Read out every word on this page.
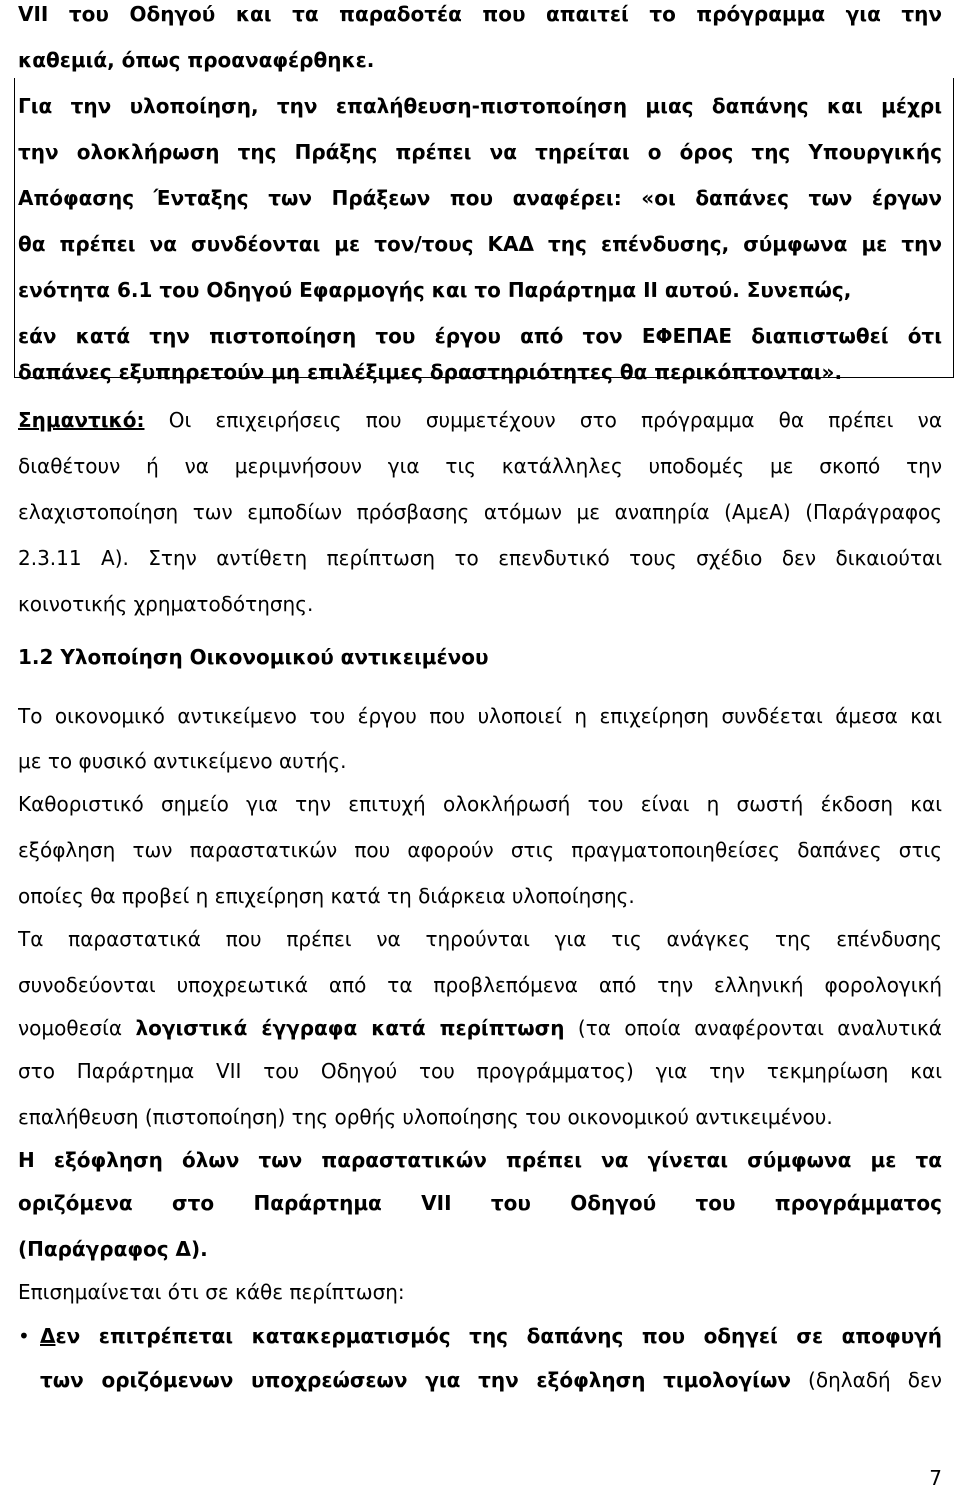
VII του Οδηγού και τα παραδοτέα που απαιτεί το πρόγραμμα για την
καθεμιά, όπως προαναφέρθηκε.
Για την υλοποίηση, την επαλήθευση-πιστοποίηση μιας δαπάνης και μέχρι
την ολοκλήρωση της Πράξης πρέπει να τηρείται ο όρος της Υπουργικής
Απόφασης Ένταξης των Πράξεων που αναφέρει: «οι δαπάνες των έργων
θα πρέπει να συνδέονται με τον/τους ΚΑΔ της επένδυσης, σύμφωνα με την
ενότητα 6.1 του Οδηγού Εφαρμογής και το Παράρτημα ΙΙ αυτού. Συνεπώς,
εάν κατά την πιστοποίηση του έργου από τον ΕΦΕΠΑΕ διαπιστωθεί ότι
δαπάνες εξυπηρετούν μη επιλέξιμες δραστηριότητες θα περικόπτονται».
Σημαντικό: Οι επιχειρήσεις που συμμετέχουν στο πρόγραμμα θα πρέπει να
διαθέτουν ή να μεριμνήσουν για τις κατάλληλες υποδομές με σκοπό την
ελαχιστοποίηση των εμποδίων πρόσβασης ατόμων με αναπηρία (ΑμεΑ) (Παράγραφος
2.3.11 Α). Στην αντίθετη περίπτωση το επενδυτικό τους σχέδιο δεν δικαιούται
κοινοτικής χρηματοδότησης.
1.2 Υλοποίηση Οικονομικού αντικειμένου
Το οικονομικό αντικείμενο του έργου που υλοποιεί η επιχείρηση συνδέεται άμεσα και
με το φυσικό αντικείμενο αυτής.
Καθοριστικό σημείο για την επιτυχή ολοκλήρωσή του είναι η σωστή έκδοση και
εξόφληση των παραστατικών που αφορούν στις πραγματοποιηθείσες δαπάνες στις
οποίες θα προβεί η επιχείρηση κατά τη διάρκεια υλοποίησης.
Τα παραστατικά που πρέπει να τηρούνται για τις ανάγκες της επένδυσης
συνοδεύονται υποχρεωτικά από τα προβλεπόμενα από την ελληνική φορολογική
νομοθεσία λογιστικά έγγραφα κατά περίπτωση (τα οποία αναφέρονται αναλυτικά
στο Παράρτημα VII του Οδηγού του προγράμματος) για την τεκμηρίωση και
επαλήθευση (πιστοποίηση) της ορθής υλοποίησης του οικονομικού αντικειμένου.
Η εξόφληση όλων των παραστατικών πρέπει να γίνεται σύμφωνα με τα
οριζόμενα στο Παράρτημα VII του Οδηγού του προγράμματος
(Παράγραφος Δ).
Επισημαίνεται ότι σε κάθε περίπτωση:
• Δεν επιτρέπεται κατακερματισμός της δαπάνης που οδηγεί σε αποφυγή
των οριζόμενων υποχρεώσεων για την εξόφληση τιμολογίων (δηλαδή δεν
7
